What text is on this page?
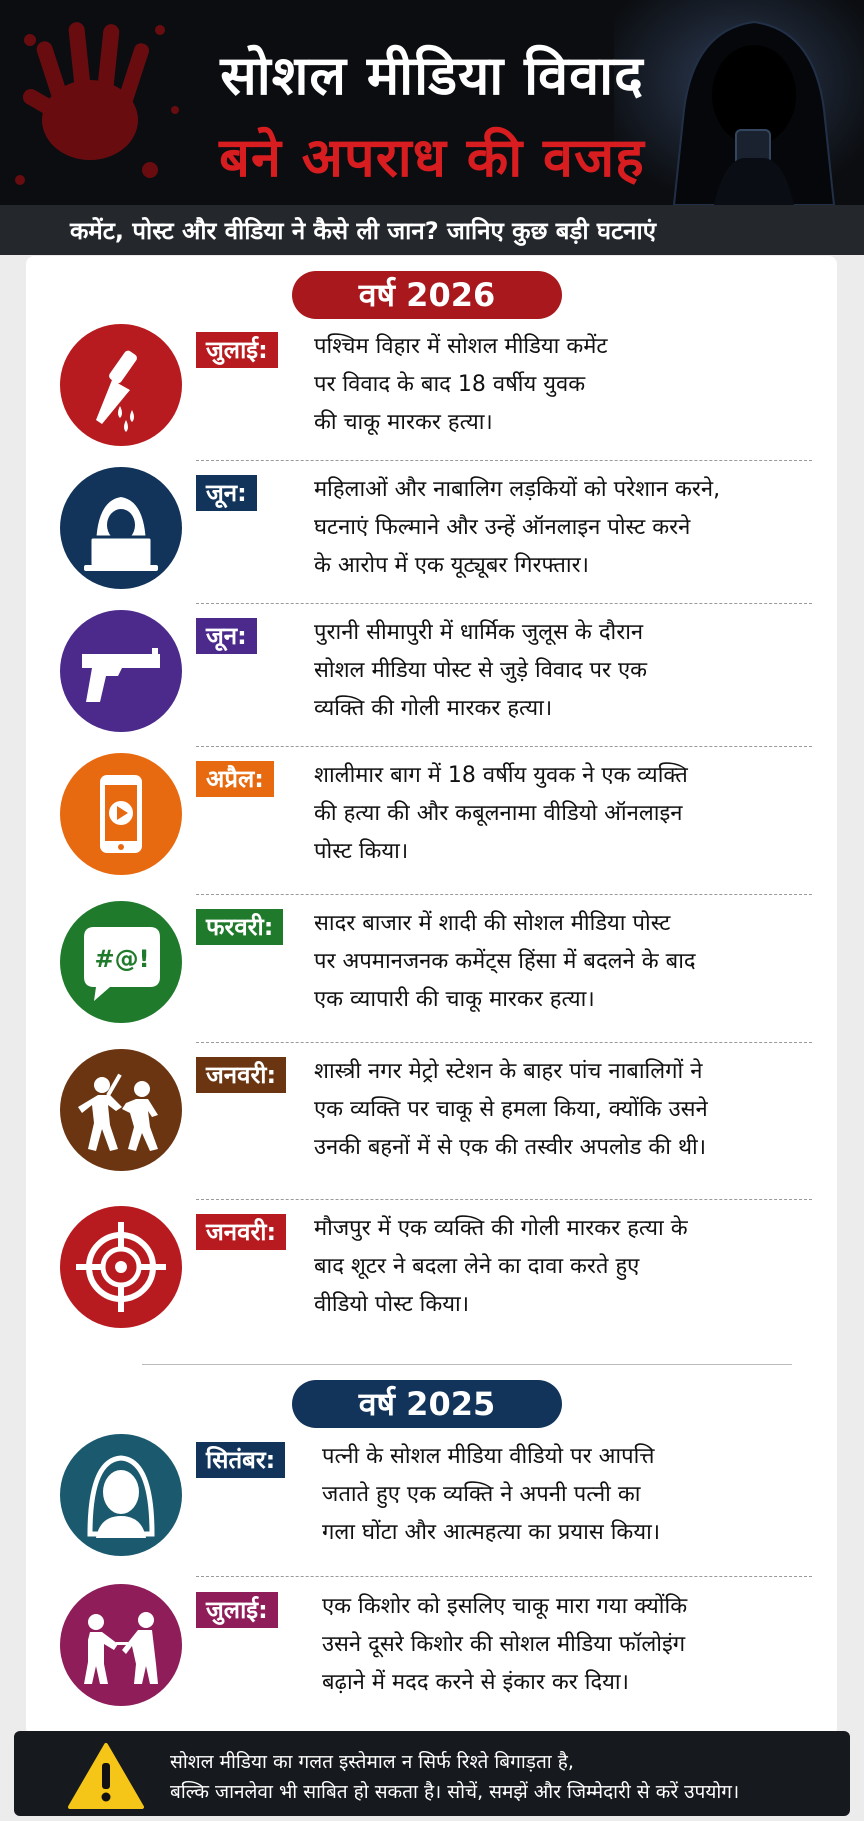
सोशल मीडिया विवाद
बने अपराध की वजह
कमेंट, पोस्ट और वीडिया ने कैसे ली जान? जानिए कुछ बड़ी घटनाएं
वर्ष 2026
जुलाई:	पश्चिम विहार में सोशल मीडिया कमेंट
पर विवाद के बाद 18 वर्षीय युवक
की चाकू मारकर हत्या।
जून:	महिलाओं और नाबालिग लड़कियों को परेशान करने,
घटनाएं फिल्माने और उन्हें ऑनलाइन पोस्ट करने
के आरोप में एक यूट्यूबर गिरफ्तार।
जून:	पुरानी सीमापुरी में धार्मिक जुलूस के दौरान
सोशल मीडिया पोस्ट से जुड़े विवाद पर एक
व्यक्ति की गोली मारकर हत्या।
अप्रैल:	शालीमार बाग में 18 वर्षीय युवक ने एक व्यक्ति
की हत्या की और कबूलनामा वीडियो ऑनलाइन
पोस्ट किया।
#@!
फरवरी:	सादर बाजार में शादी की सोशल मीडिया पोस्ट
पर अपमानजनक कमेंट्स हिंसा में बदलने के बाद
एक व्यापारी की चाकू मारकर हत्या।
जनवरी:	शास्त्री नगर मेट्रो स्टेशन के बाहर पांच नाबालिगों ने
एक व्यक्ति पर चाकू से हमला किया, क्योंकि उसने
उनकी बहनों में से एक की तस्वीर अपलोड की थी।
जनवरी:	मौजपुर में एक व्यक्ति की गोली मारकर हत्या के
बाद शूटर ने बदला लेने का दावा करते हुए
वीडियो पोस्ट किया।
वर्ष 2025
सितंबर:	पत्नी के सोशल मीडिया वीडियो पर आपत्ति
जताते हुए एक व्यक्ति ने अपनी पत्नी का
गला घोंटा और आत्महत्या का प्रयास किया।
जुलाई:	एक किशोर को इसलिए चाकू मारा गया क्योंकि
उसने दूसरे किशोर की सोशल मीडिया फॉलोइंग
बढ़ाने में मदद करने से इंकार कर दिया।
सोशल मीडिया का गलत इस्तेमाल न सिर्फ रिश्ते बिगाड़ता है,
बल्कि जानलेवा भी साबित हो सकता है। सोचें, समझें और जिम्मेदारी से करें उपयोग।
